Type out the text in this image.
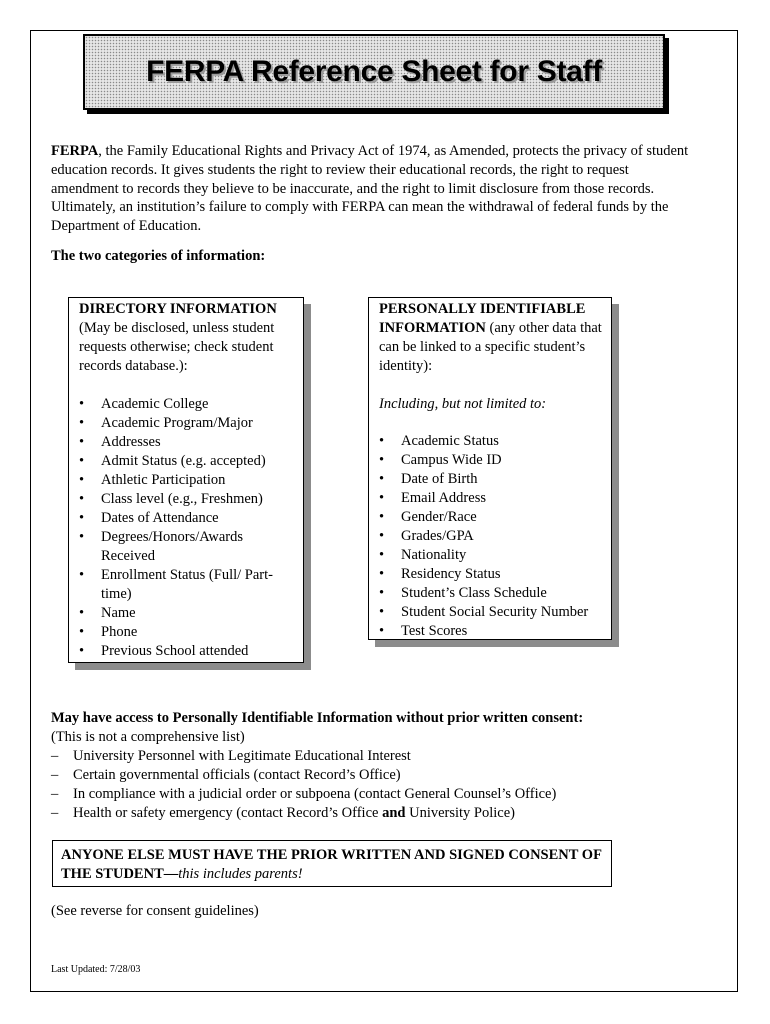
FERPA Reference Sheet for Staff

FERPA, the Family Educational Rights and Privacy Act of 1974, as Amended, protects the privacy of student education records. It gives students the right to review their educational records, the right to request amendment to records they believe to be inaccurate, and the right to limit disclosure from those records. Ultimately, an institution’s failure to comply with FERPA can mean the withdrawal of federal funds by the Department of Education.

The two categories of information:

DIRECTORY INFORMATION
(May be disclosed, unless student requests otherwise; check student records database.):
• Academic College
• Academic Program/Major
• Addresses
• Admit Status (e.g. accepted)
• Athletic Participation
• Class level (e.g., Freshmen)
• Dates of Attendance
• Degrees/Honors/Awards Received
• Enrollment Status (Full/ Part-time)
• Name
• Phone
• Previous School attended
PERSONALLY IDENTIFIABLE INFORMATION (any other data that can be linked to a specific student’s identity):
Including, but not limited to:
• Academic Status
• Campus Wide ID
• Date of Birth
• Email Address
• Gender/Race
• Grades/GPA
• Nationality
• Residency Status
• Student’s Class Schedule
• Student Social Security Number
• Test Scores

May have access to Personally Identifiable Information without prior written consent:

(This is not a comprehensive list)
– University Personnel with Legitimate Educational Interest
– Certain governmental officials (contact Record’s Office)
– In compliance with a judicial order or subpoena (contact General Counsel’s Office)
– Health or safety emergency (contact Record’s Office and University Police)
ANYONE ELSE MUST HAVE THE PRIOR WRITTEN AND SIGNED CONSENT OF THE STUDENT—this includes parents!

(See reverse for consent guidelines)

Last Updated: 7/28/03
